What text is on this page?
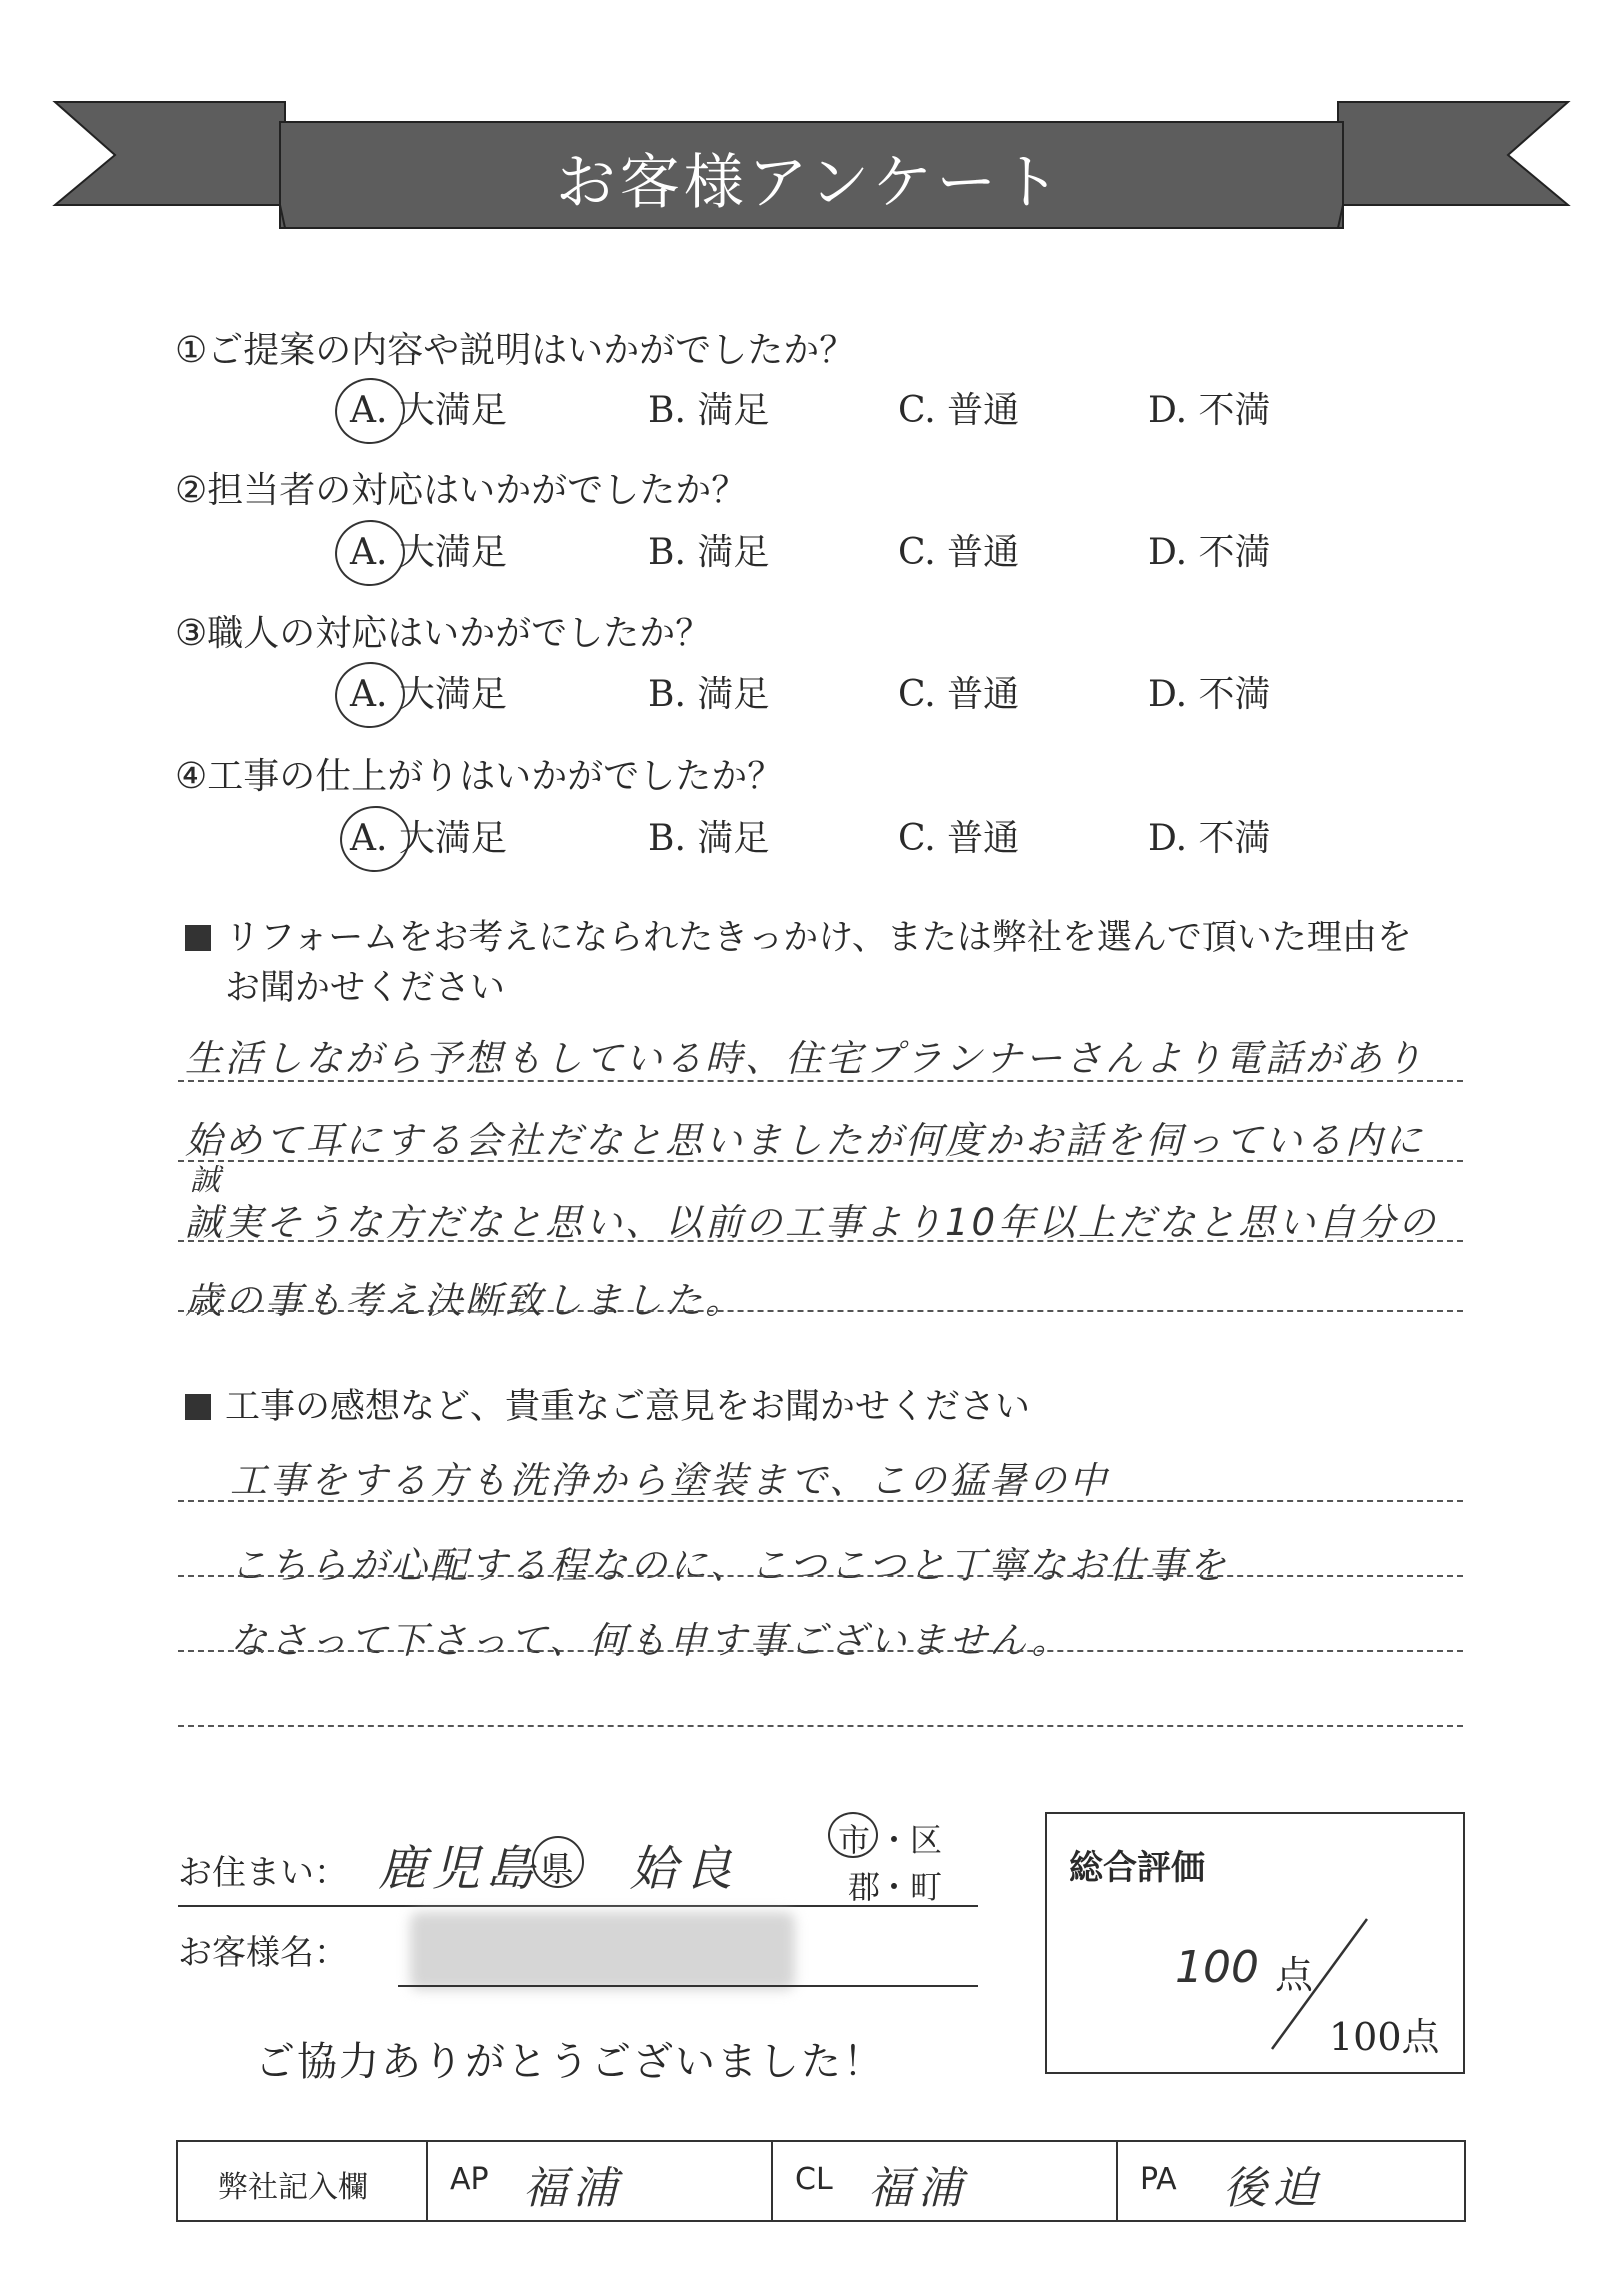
お客様アンケート
①ご提案の内容や説明はいかがでしたか？
A. 大満足	B. 満足	C. 普通	D. 不満
②担当者の対応はいかがでしたか？
A. 大満足	B. 満足	C. 普通	D. 不満
③職人の対応はいかがでしたか？
A. 大満足	B. 満足	C. 普通	D. 不満
④工事の仕上がりはいかがでしたか？
A. 大満足	B. 満足	C. 普通	D. 不満
リフォームをお考えになられたきっかけ、または弊社を選んで頂いた理由を
お聞かせください
生活しながら予想もしている時、住宅プランナーさんより電話があり
始めて耳にする会社だなと思いましたが何度かお話を伺っている内に
誠
誠実そうな方だなと思い、以前の工事より10年以上だなと思い自分の
歳の事も考え決断致しました。
工事の感想など、貴重なご意見をお聞かせください
工事をする方も洗浄から塗装まで、この猛暑の中
こちらが心配する程なのに、こつこつと丁寧なお仕事を
なさって下さって、何も申す事ございません。
お住まい： 鹿児島 県 姶良
市 ・区
郡
・町
お客様名：
ご協力ありがとうございました！
総合評価
100 点
100点
弊社記入欄	AP 福浦	CL 福浦	PA 後迫
